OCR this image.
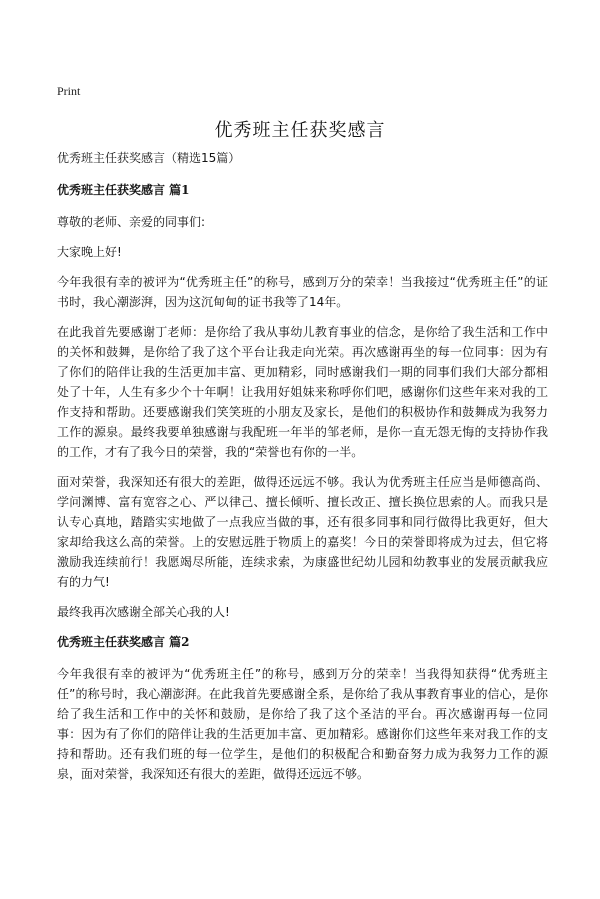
Print
优秀班主任获奖感言

优秀班主任获奖感言（精选15篇）

优秀班主任获奖感言 篇1

尊敬的老师、亲爱的同事们:

大家晚上好!

今年我很有幸的被评为“优秀班主任”的称号，感到万分的荣幸！当我接过“优秀班主任”的证书时，我心潮澎湃，因为这沉甸甸的证书我等了14年。

在此我首先要感谢丁老师：是你给了我从事幼儿教育事业的信念，是你给了我生活和工作中的关怀和鼓舞，是你给了我了这个平台让我走向光荣。再次感谢再坐的每一位同事：因为有了你们的陪伴让我的生活更加丰富、更加精彩，同时感谢我们一期的同事们我们大部分都相处了十年，人生有多少个十年啊！让我用好姐妹来称呼你们吧，感谢你们这些年来对我的工作支持和帮助。还要感谢我们笑笑班的小朋友及家长，是他们的积极协作和鼓舞成为我努力工作的源泉。最终我要单独感谢与我配班一年半的邹老师，是你一直无怨无悔的支持协作我的工作，才有了我今日的荣誉，我的“荣誉也有你的一半。

面对荣誉，我深知还有很大的差距，做得还远远不够。我认为优秀班主任应当是师德高尚、学问渊博、富有宽容之心、严以律己、擅长倾听、擅长改正、擅长换位思索的人。而我只是认专心真地，踏踏实实地做了一点我应当做的事，还有很多同事和同行做得比我更好，但大家却给我这么高的荣誉。上的安慰远胜于物质上的嘉奖！今日的荣誉即将成为过去，但它将激励我连续前行！我愿竭尽所能，连续求索，为康盛世纪幼儿园和幼教事业的发展贡献我应有的力气!

最终我再次感谢全部关心我的人!

优秀班主任获奖感言 篇2

今年我很有幸的被评为“优秀班主任”的称号，感到万分的荣幸！当我得知获得“优秀班主任”的称号时，我心潮澎湃。在此我首先要感谢全系，是你给了我从事教育事业的信心，是你给了我生活和工作中的关怀和鼓励，是你给了我了这个圣洁的平台。再次感谢再每一位同事：因为有了你们的陪伴让我的生活更加丰富、更加精彩。感谢你们这些年来对我工作的支持和帮助。还有我们班的每一位学生，是他们的积极配合和勤奋努力成为我努力工作的源泉，面对荣誉，我深知还有很大的差距，做得还远远不够。
